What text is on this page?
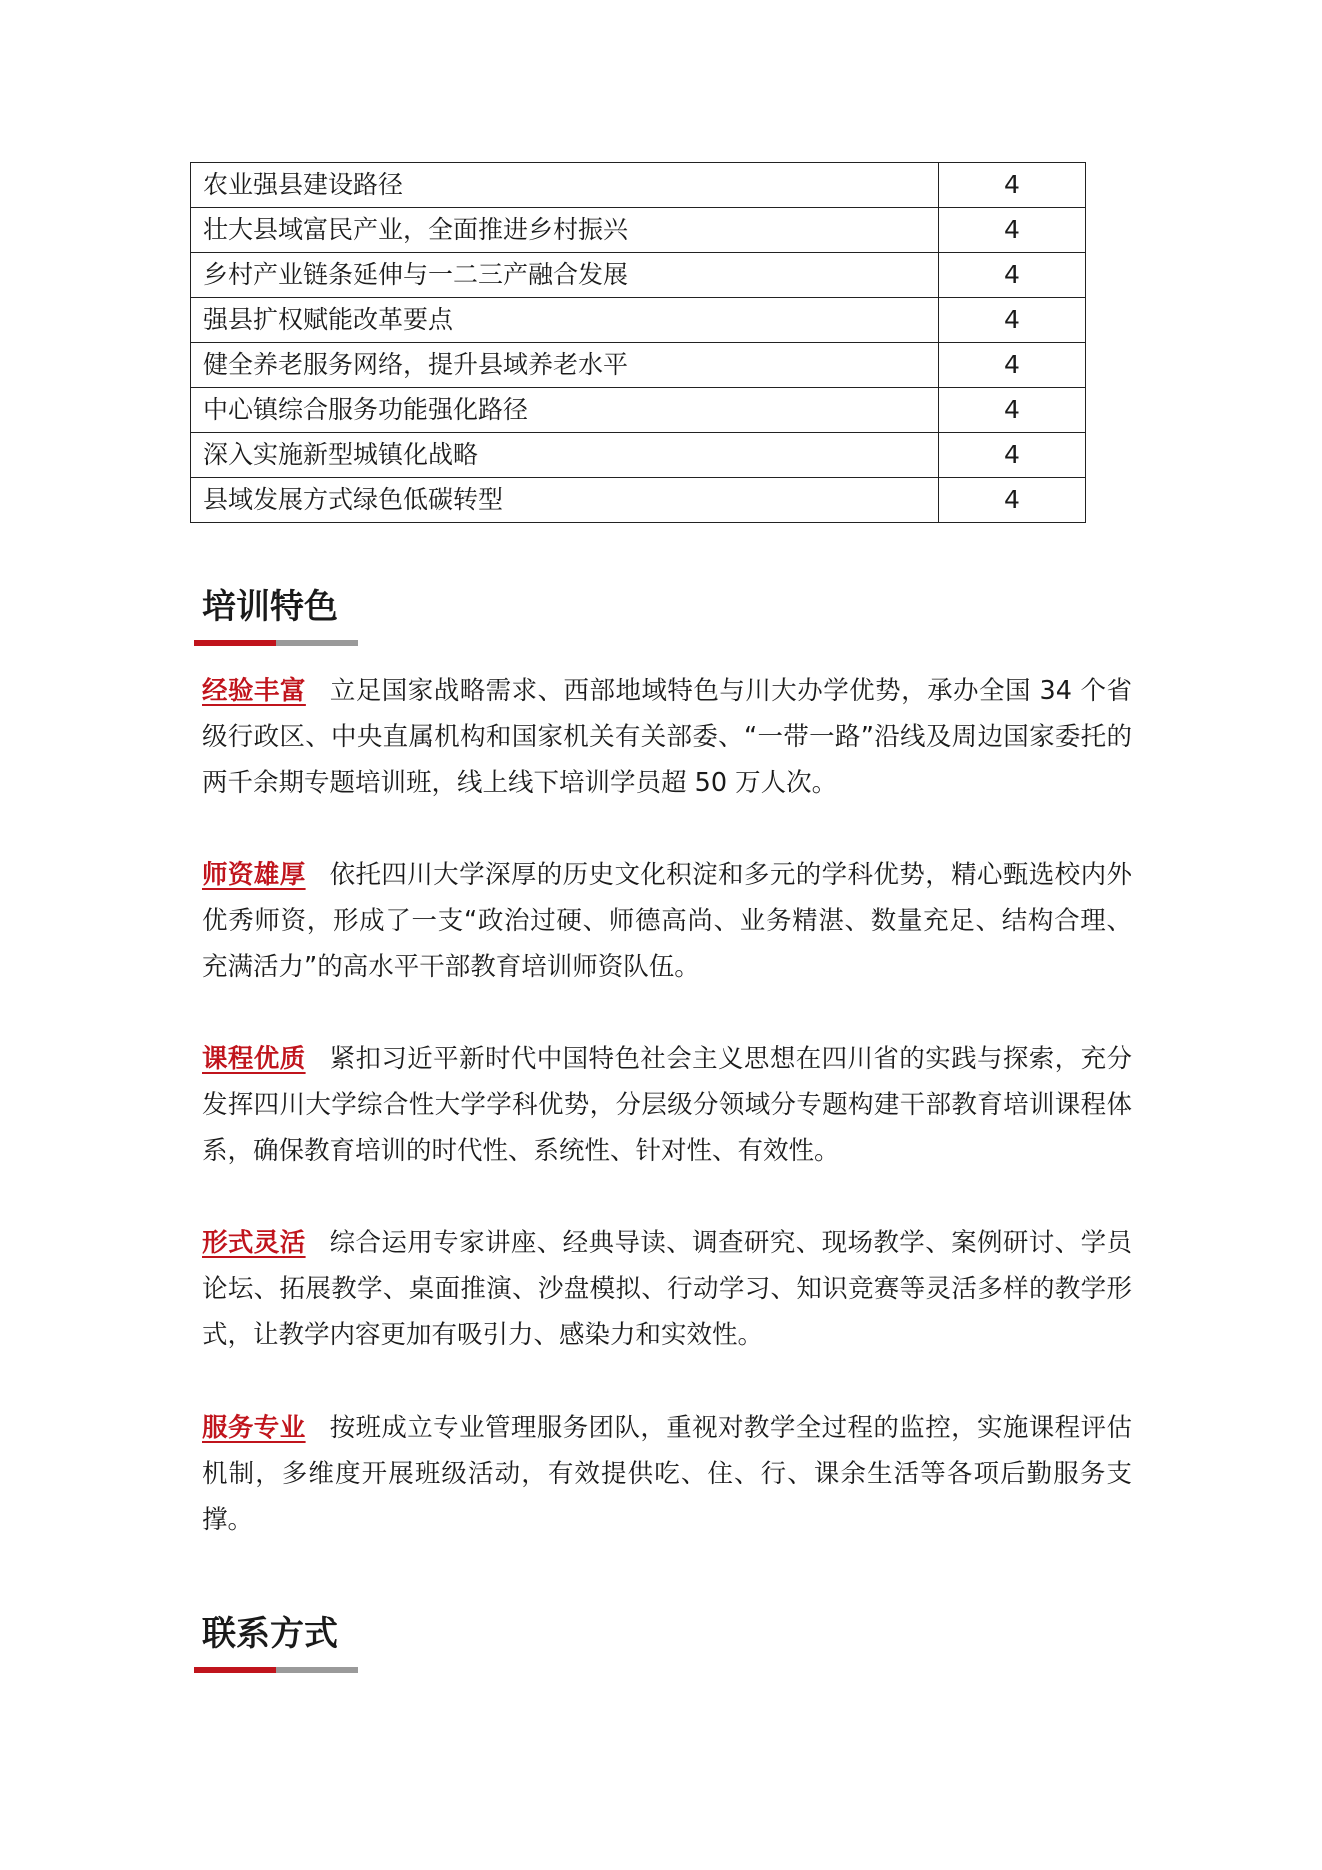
农业强县建设路径	4
壮大县域富民产业，全面推进乡村振兴	4
乡村产业链条延伸与一二三产融合发展	4
强县扩权赋能改革要点	4
健全养老服务网络，提升县域养老水平	4
中心镇综合服务功能强化路径	4
深入实施新型城镇化战略	4
县域发展方式绿色低碳转型	4
培训特色

经验丰富 立足国家战略需求、西部地域特色与川大办学优势，承办全国 34 个省级行政区、中央直属机构和国家机关有关部委、“一带一路”沿线及周边国家委托的两千余期专题培训班，线上线下培训学员超 50 万人次。

师资雄厚 依托四川大学深厚的历史文化积淀和多元的学科优势，精心甄选校内外优秀师资，形成了一支“政治过硬、师德高尚、业务精湛、数量充足、结构合理、充满活力”的高水平干部教育培训师资队伍。

课程优质 紧扣习近平新时代中国特色社会主义思想在四川省的实践与探索，充分发挥四川大学综合性大学学科优势，分层级分领域分专题构建干部教育培训课程体系，确保教育培训的时代性、系统性、针对性、有效性。

形式灵活 综合运用专家讲座、经典导读、调查研究、现场教学、案例研讨、学员论坛、拓展教学、桌面推演、沙盘模拟、行动学习、知识竞赛等灵活多样的教学形式，让教学内容更加有吸引力、感染力和实效性。

服务专业 按班成立专业管理服务团队，重视对教学全过程的监控，实施课程评估机制，多维度开展班级活动，有效提供吃、住、行、课余生活等各项后勤服务支撑。

联系方式
